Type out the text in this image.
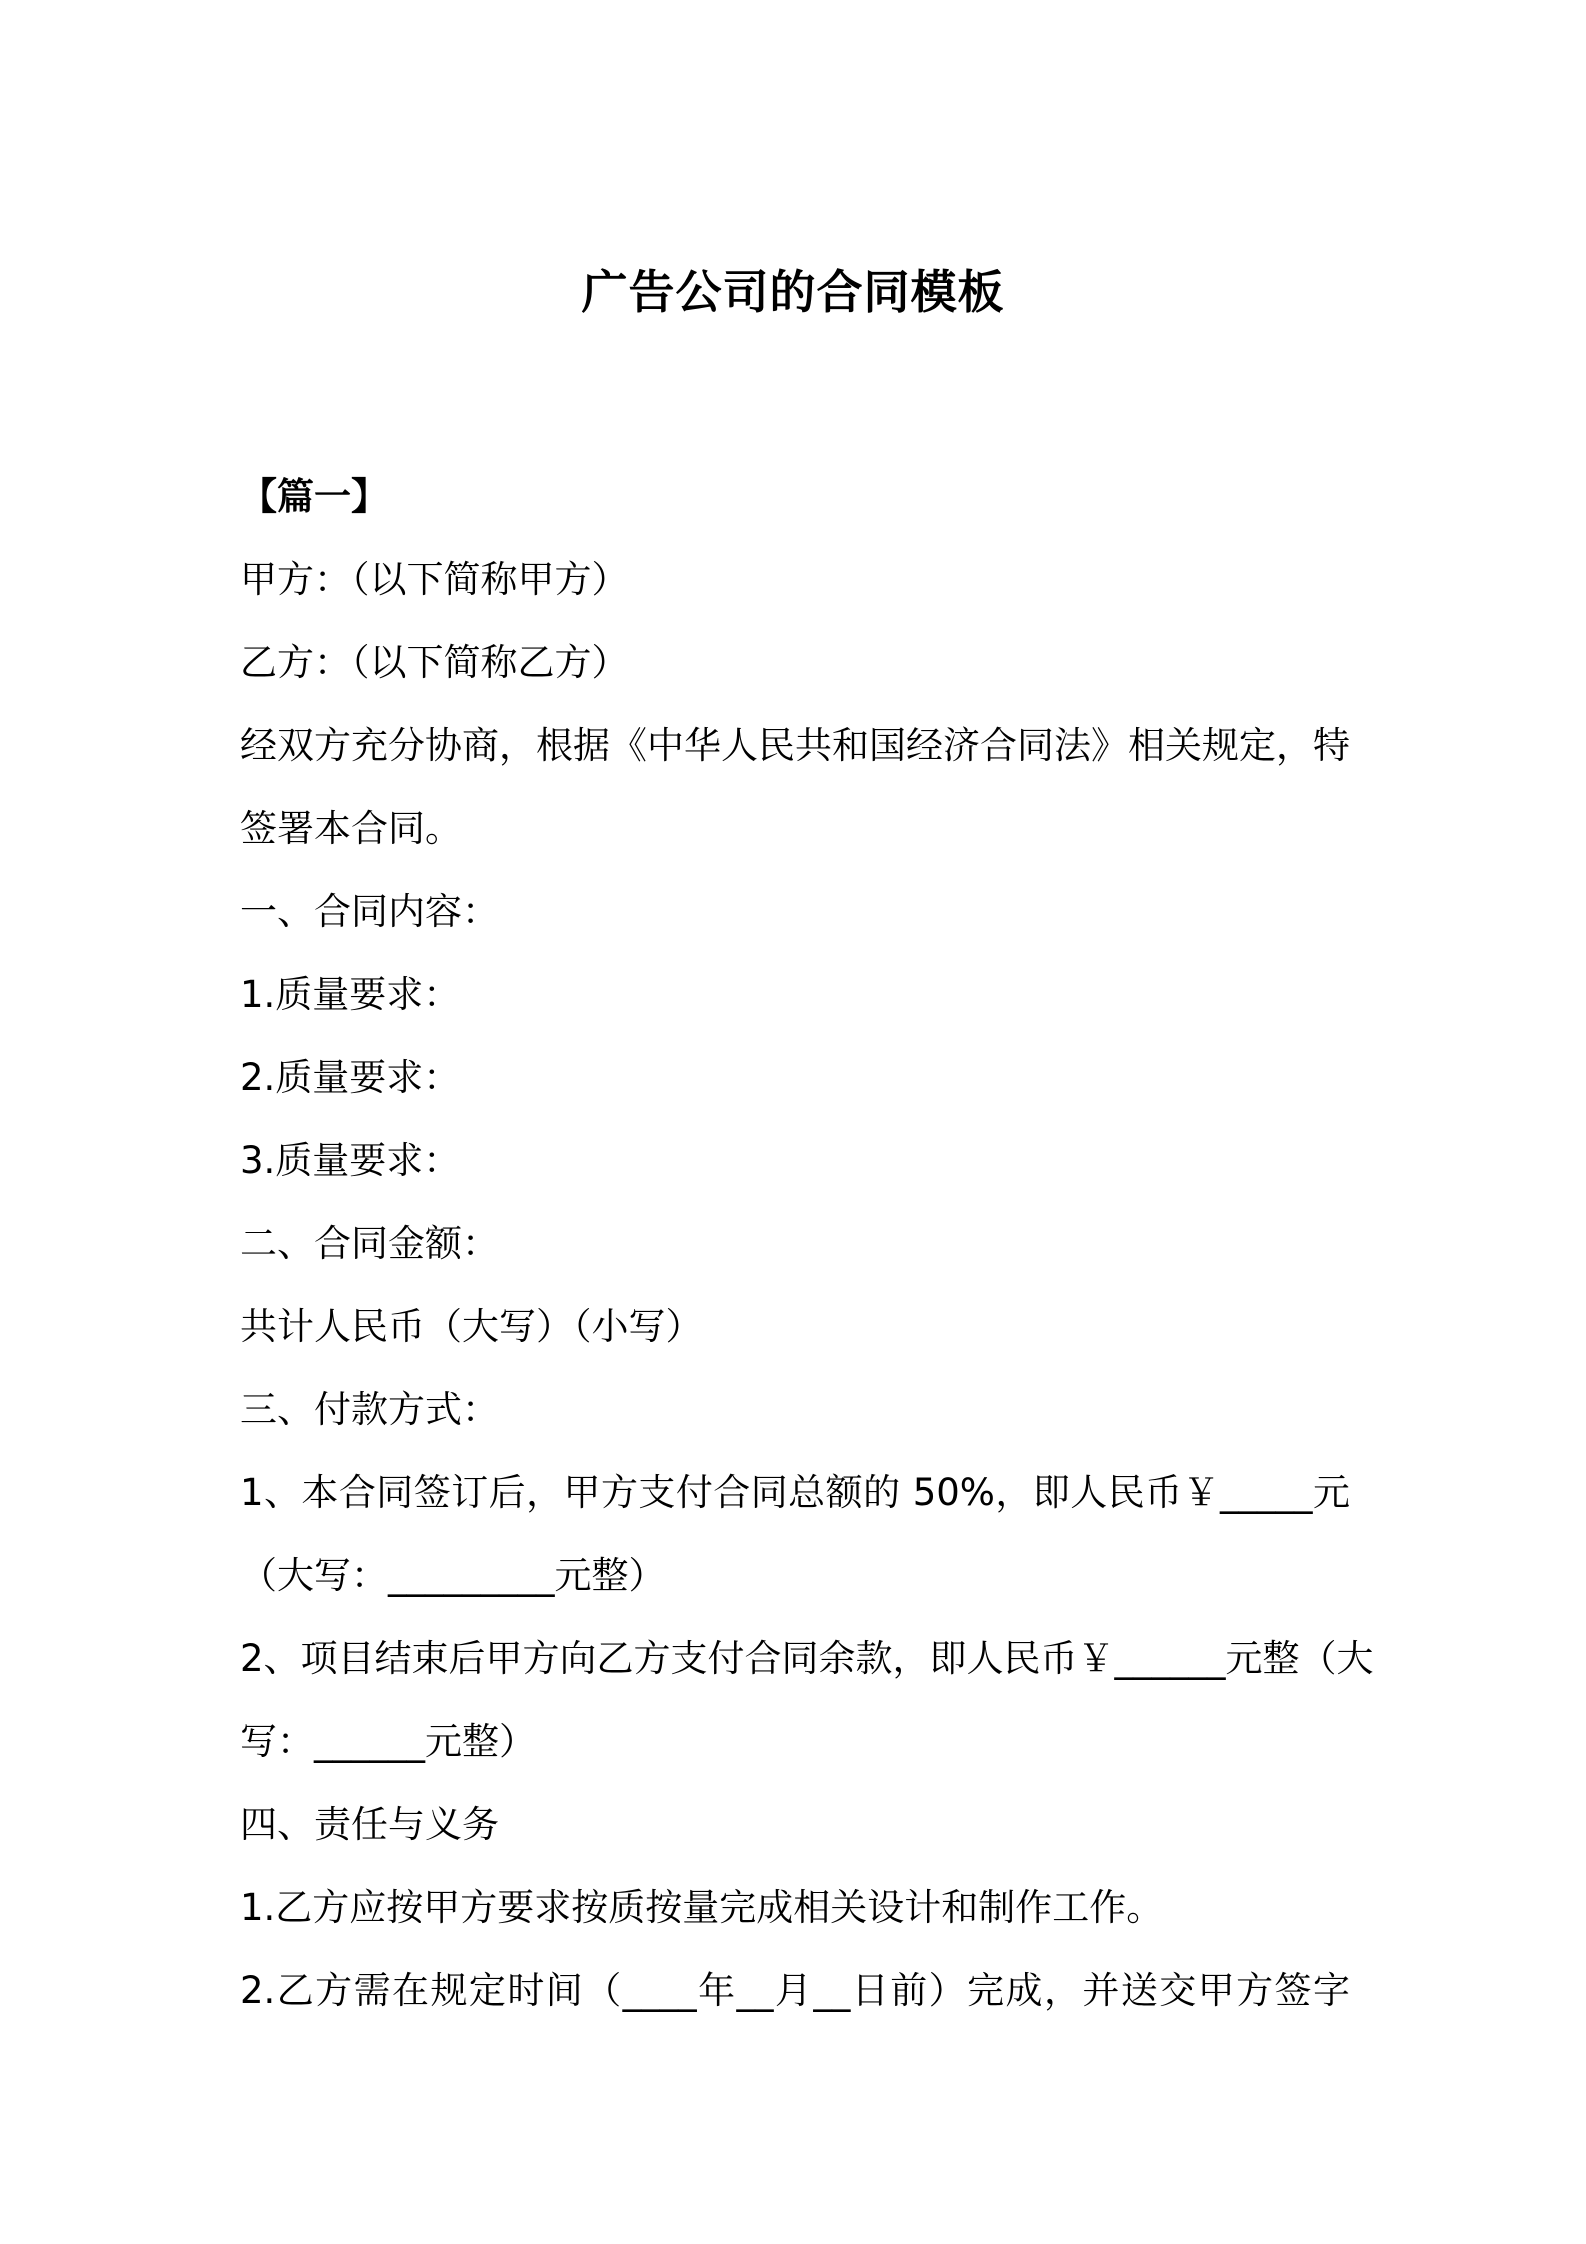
广告公司的合同模板

【篇一】

甲方：（以下简称甲方）

乙方：（以下简称乙方）

经双方充分协商，根据《中华人民共和国经济合同法》相关规定，特

签署本合同。

一、合同内容：

1.质量要求：

2.质量要求：

3.质量要求：

二、合同金额：

共计人民币（大写）（小写）

三、付款方式：

1、本合同签订后，甲方支付合同总额的 50%，即人民币￥_____元

（大写：_________元整）

2、项目结束后甲方向乙方支付合同余款，即人民币￥______元整（大

写：______元整）

四、责任与义务

1.乙方应按甲方要求按质按量完成相关设计和制作工作。

2.乙方需在规定时间（____年__月__日前）完成，并送交甲方签字
